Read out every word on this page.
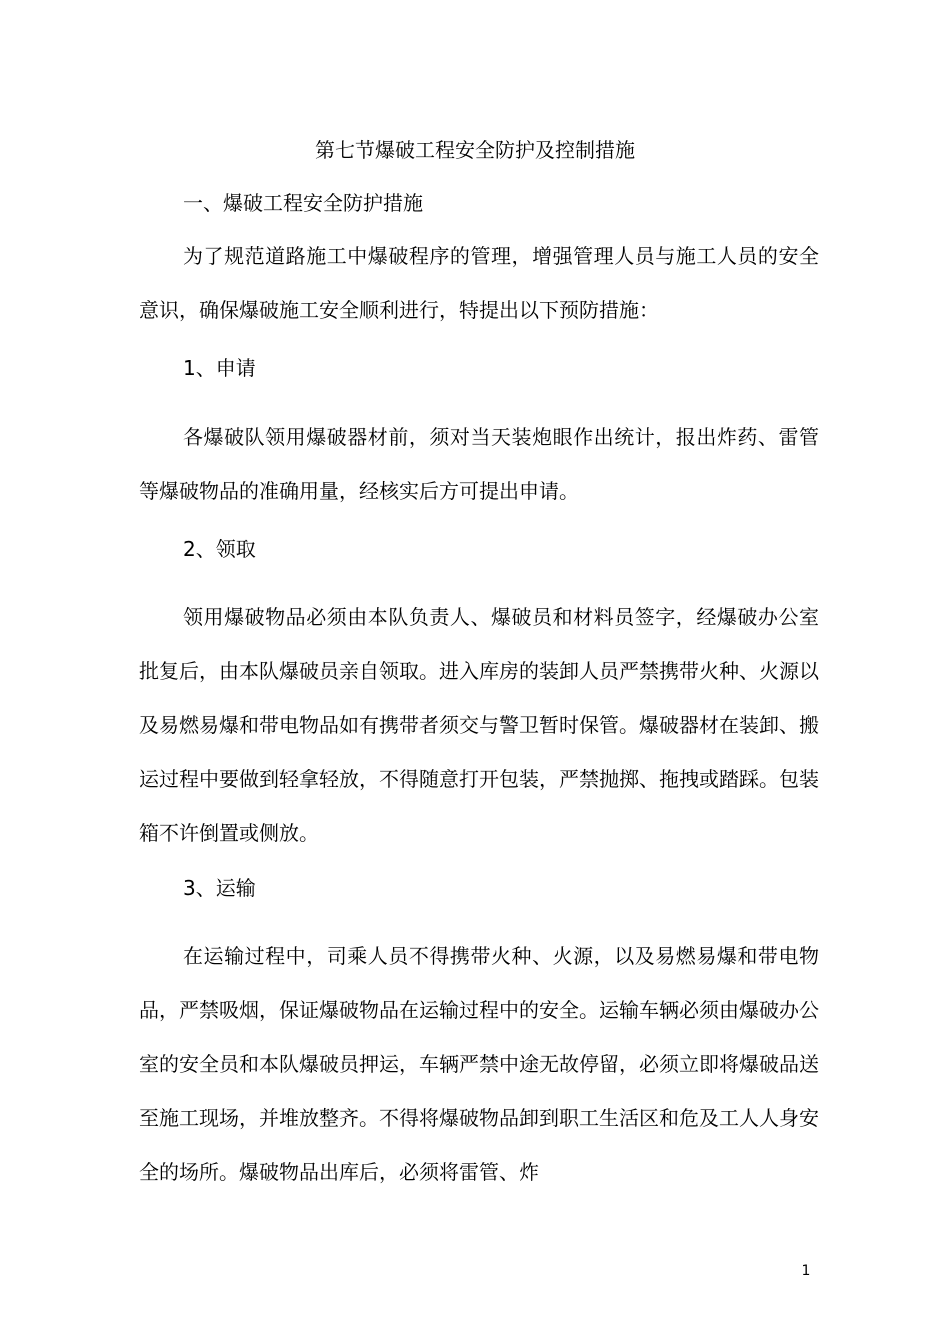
第七节爆破工程安全防护及控制措施
一、爆破工程安全防护措施

为了规范道路施工中爆破程序的管理，增强管理人员与施工人员的安全意识，确保爆破施工安全顺利进行，特提出以下预防措施：

1、申请

各爆破队领用爆破器材前，须对当天装炮眼作出统计，报出炸药、雷管等爆破物品的准确用量，经核实后方可提出申请。

2、领取

领用爆破物品必须由本队负责人、爆破员和材料员签字，经爆破办公室批复后，由本队爆破员亲自领取。进入库房的装卸人员严禁携带火种、火源以及易燃易爆和带电物品如有携带者须交与警卫暂时保管。爆破器材在装卸、搬运过程中要做到轻拿轻放，不得随意打开包装，严禁抛掷、拖拽或踏踩。包装箱不许倒置或侧放。

3、运输

在运输过程中，司乘人员不得携带火种、火源，以及易燃易爆和带电物品，严禁吸烟，保证爆破物品在运输过程中的安全。运输车辆必须由爆破办公室的安全员和本队爆破员押运，车辆严禁中途无故停留，必须立即将爆破品送至施工现场，并堆放整齐。不得将爆破物品卸到职工生活区和危及工人人身安全的场所。爆破物品出库后，必须将雷管、炸

1
